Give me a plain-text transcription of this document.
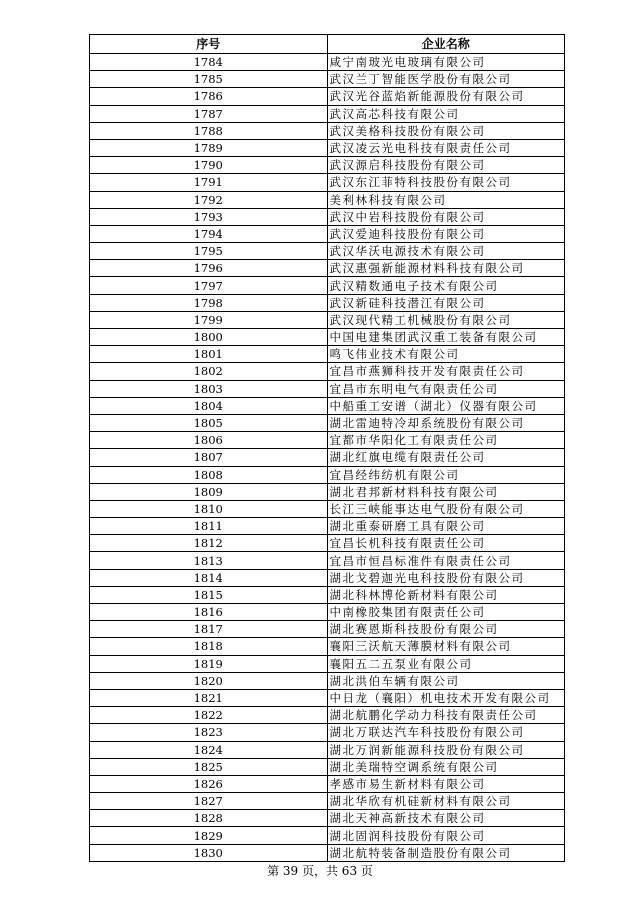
序号	企业名称
1784	咸宁南玻光电玻璃有限公司
1785	武汉兰丁智能医学股份有限公司
1786	武汉光谷蓝焰新能源股份有限公司
1787	武汉高芯科技有限公司
1788	武汉美格科技股份有限公司
1789	武汉凌云光电科技有限责任公司
1790	武汉源启科技股份有限公司
1791	武汉东江菲特科技股份有限公司
1792	美利林科技有限公司
1793	武汉中岩科技股份有限公司
1794	武汉爱迪科技股份有限公司
1795	武汉华沃电源技术有限公司
1796	武汉惠强新能源材料科技有限公司
1797	武汉精数通电子技术有限公司
1798	武汉新硅科技潜江有限公司
1799	武汉现代精工机械股份有限公司
1800	中国电建集团武汉重工装备有限公司
1801	鸣飞伟业技术有限公司
1802	宜昌市燕狮科技开发有限责任公司
1803	宜昌市东明电气有限责任公司
1804	中船重工安谱（湖北）仪器有限公司
1805	湖北雷迪特冷却系统股份有限公司
1806	宜都市华阳化工有限责任公司
1807	湖北红旗电缆有限责任公司
1808	宜昌经纬纺机有限公司
1809	湖北君邦新材料科技有限公司
1810	长江三峡能事达电气股份有限公司
1811	湖北重泰研磨工具有限公司
1812	宜昌长机科技有限责任公司
1813	宜昌市恒昌标准件有限责任公司
1814	湖北戈碧迦光电科技股份有限公司
1815	湖北科林博伦新材料有限公司
1816	中南橡胶集团有限责任公司
1817	湖北赛恩斯科技股份有限公司
1818	襄阳三沃航天薄膜材料有限公司
1819	襄阳五二五泵业有限公司
1820	湖北洪伯车辆有限公司
1821	中日龙（襄阳）机电技术开发有限公司
1822	湖北航鹏化学动力科技有限责任公司
1823	湖北万联达汽车科技股份有限公司
1824	湖北万润新能源科技股份有限公司
1825	湖北美瑞特空调系统有限公司
1826	孝感市易生新材料有限公司
1827	湖北华欣有机硅新材料有限公司
1828	湖北天神高新技术有限公司
1829	湖北固润科技股份有限公司
1830	湖北航特装备制造股份有限公司
第 39 页，共 63 页
